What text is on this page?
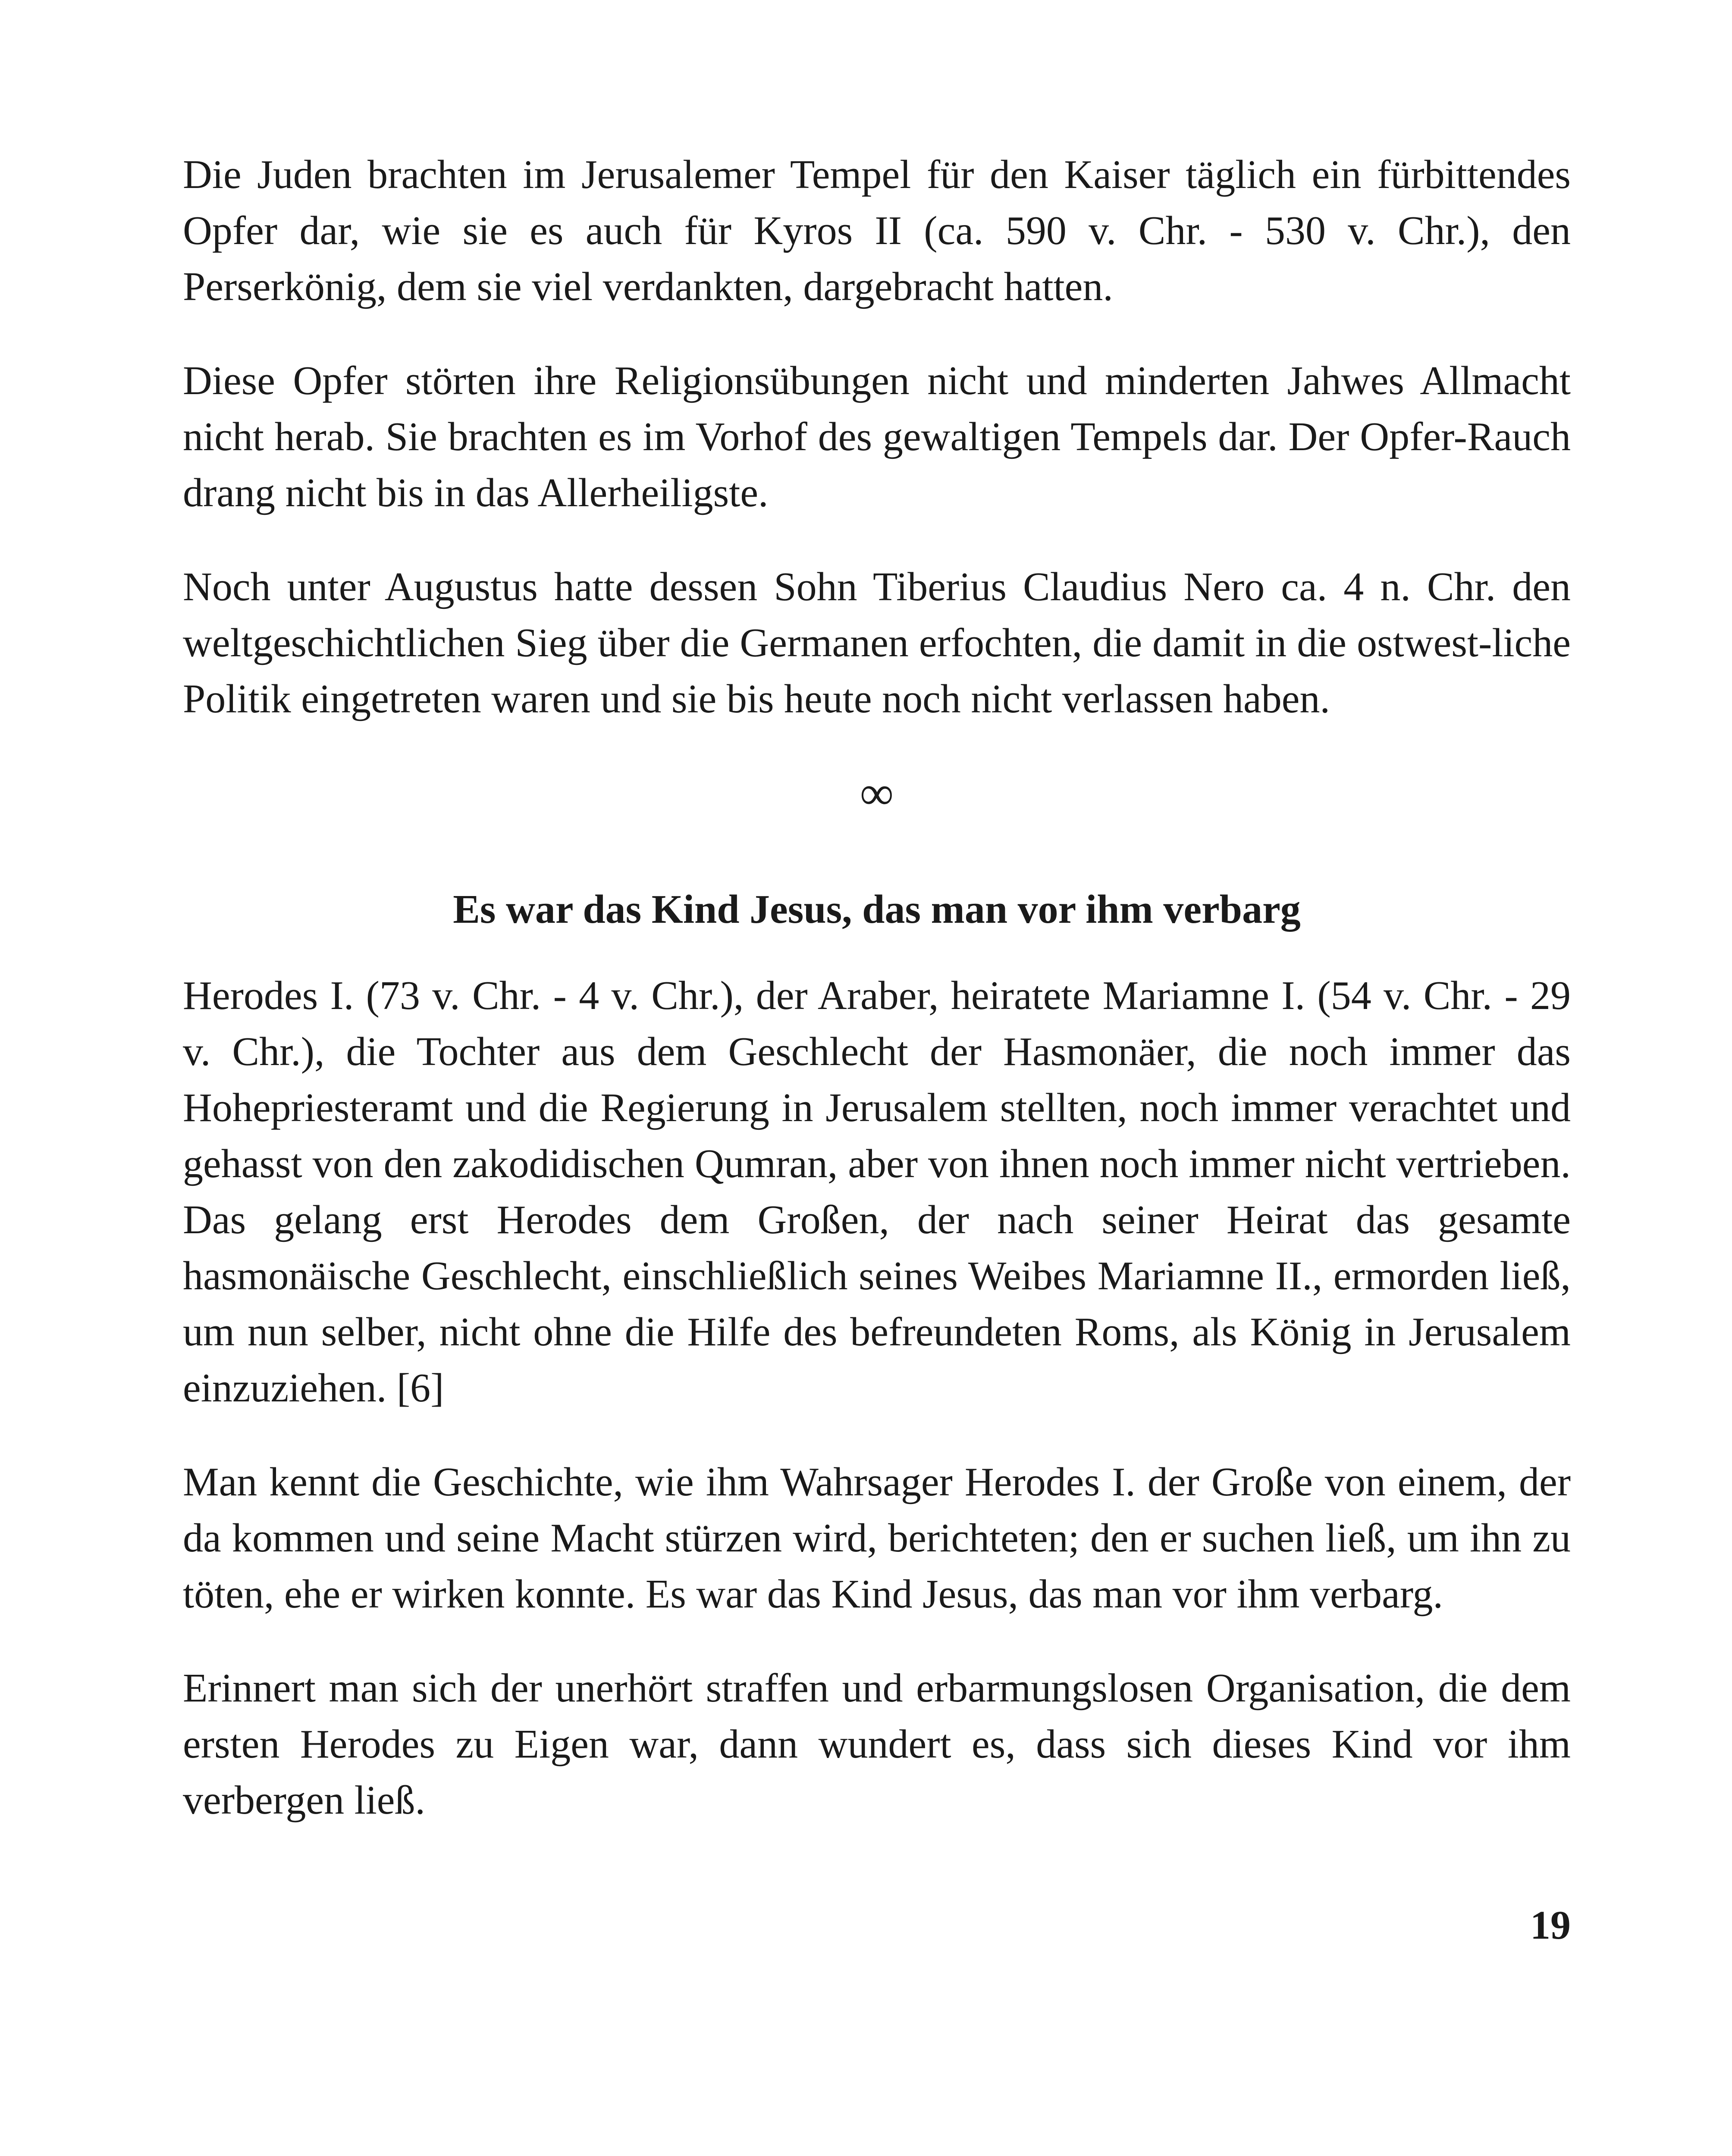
Die Juden brachten im Jerusalemer Tempel für den Kaiser täglich ein fürbittendes Opfer dar, wie sie es auch für Kyros II (ca. 590 v. Chr. - 530 v. Chr.), den Perserkönig, dem sie viel verdankten, dargebracht hatten.

Diese Opfer störten ihre Religionsübungen nicht und minderten Jahwes Allmacht nicht herab. Sie brachten es im Vorhof des gewaltigen Tempels dar. Der Opfer-Rauch drang nicht bis in das Allerheiligste.

Noch unter Augustus hatte dessen Sohn Tiberius Claudius Nero ca. 4 n. Chr. den weltgeschichtlichen Sieg über die Germanen erfochten, die damit in die ostwest-liche Politik eingetreten waren und sie bis heute noch nicht verlassen haben.

∞
Es war das Kind Jesus, das man vor ihm verbarg

Herodes I. (73 v. Chr. - 4 v. Chr.), der Araber, heiratete Mariamne I. (54 v. Chr. - 29 v. Chr.), die Tochter aus dem Geschlecht der Hasmonäer, die noch immer das Hohepriesteramt und die Regierung in Jerusalem stellten, noch immer verachtet und gehasst von den zakodidischen Qumran, aber von ihnen noch immer nicht vertrieben. Das gelang erst Herodes dem Großen, der nach seiner Heirat das gesamte hasmonäische Geschlecht, einschließlich seines Weibes Mariamne II., ermorden ließ, um nun selber, nicht ohne die Hilfe des befreundeten Roms, als König in Jerusalem einzuziehen. [6]

Man kennt die Geschichte, wie ihm Wahrsager Herodes I. der Große von einem, der da kommen und seine Macht stürzen wird, berichteten; den er suchen ließ, um ihn zu töten, ehe er wirken konnte. Es war das Kind Jesus, das man vor ihm verbarg.

Erinnert man sich der unerhört straffen und erbarmungslosen Organisation, die dem ersten Herodes zu Eigen war, dann wundert es, dass sich dieses Kind vor ihm verbergen ließ.

19
